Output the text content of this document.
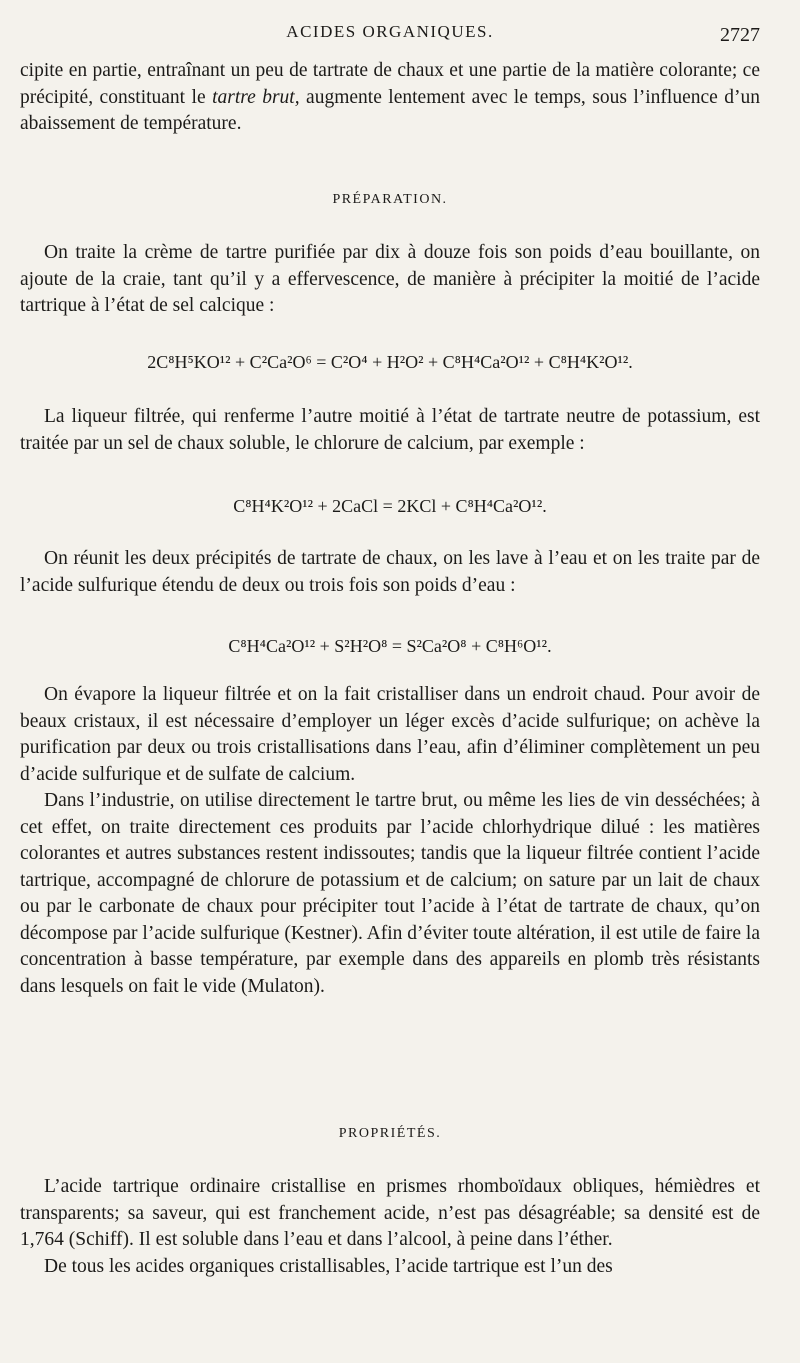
ACIDES ORGANIQUES.	2727

cipite en partie, entraînant un peu de tartrate de chaux et une partie de la matière colorante; ce précipité, constituant le tartre brut, augmente lentement avec le temps, sous l’influence d’un abaissement de température.

PRÉPARATION.

On traite la crème de tartre purifiée par dix à douze fois son poids d’eau bouillante, on ajoute de la craie, tant qu’il y a effervescence, de manière à précipiter la moitié de l’acide tartrique à l’état de sel calcique :

2C⁸H⁵KO¹² + C²Ca²O⁶ = C²O⁴ + H²O² + C⁸H⁴Ca²O¹² + C⁸H⁴K²O¹².

La liqueur filtrée, qui renferme l’autre moitié à l’état de tartrate neutre de potassium, est traitée par un sel de chaux soluble, le chlorure de calcium, par exemple :

C⁸H⁴K²O¹² + 2CaCl = 2KCl + C⁸H⁴Ca²O¹².

On réunit les deux précipités de tartrate de chaux, on les lave à l’eau et on les traite par de l’acide sulfurique étendu de deux ou trois fois son poids d’eau :

C⁸H⁴Ca²O¹² + S²H²O⁸ = S²Ca²O⁸ + C⁸H⁶O¹².

On évapore la liqueur filtrée et on la fait cristalliser dans un endroit chaud. Pour avoir de beaux cristaux, il est nécessaire d’employer un léger excès d’acide sulfurique; on achève la purification par deux ou trois cristallisations dans l’eau, afin d’éliminer complètement un peu d’acide sulfurique et de sulfate de calcium.

Dans l’industrie, on utilise directement le tartre brut, ou même les lies de vin desséchées; à cet effet, on traite directement ces produits par l’acide chlorhydrique dilué : les matières colorantes et autres substances restent indissoutes; tandis que la liqueur filtrée contient l’acide tartrique, accompagné de chlorure de potassium et de calcium; on sature par un lait de chaux ou par le carbonate de chaux pour précipiter tout l’acide à l’état de tartrate de chaux, qu’on décompose par l’acide sulfurique (Kestner). Afin d’éviter toute altération, il est utile de faire la concentration à basse température, par exemple dans des appareils en plomb très résistants dans lesquels on fait le vide (Mulaton).

PROPRIÉTÉS.

L’acide tartrique ordinaire cristallise en prismes rhomboïdaux obliques, hémièdres et transparents; sa saveur, qui est franchement acide, n’est pas désagréable; sa densité est de 1,764 (Schiff). Il est soluble dans l’eau et dans l’alcool, à peine dans l’éther.

De tous les acides organiques cristallisables, l’acide tartrique est l’un des
